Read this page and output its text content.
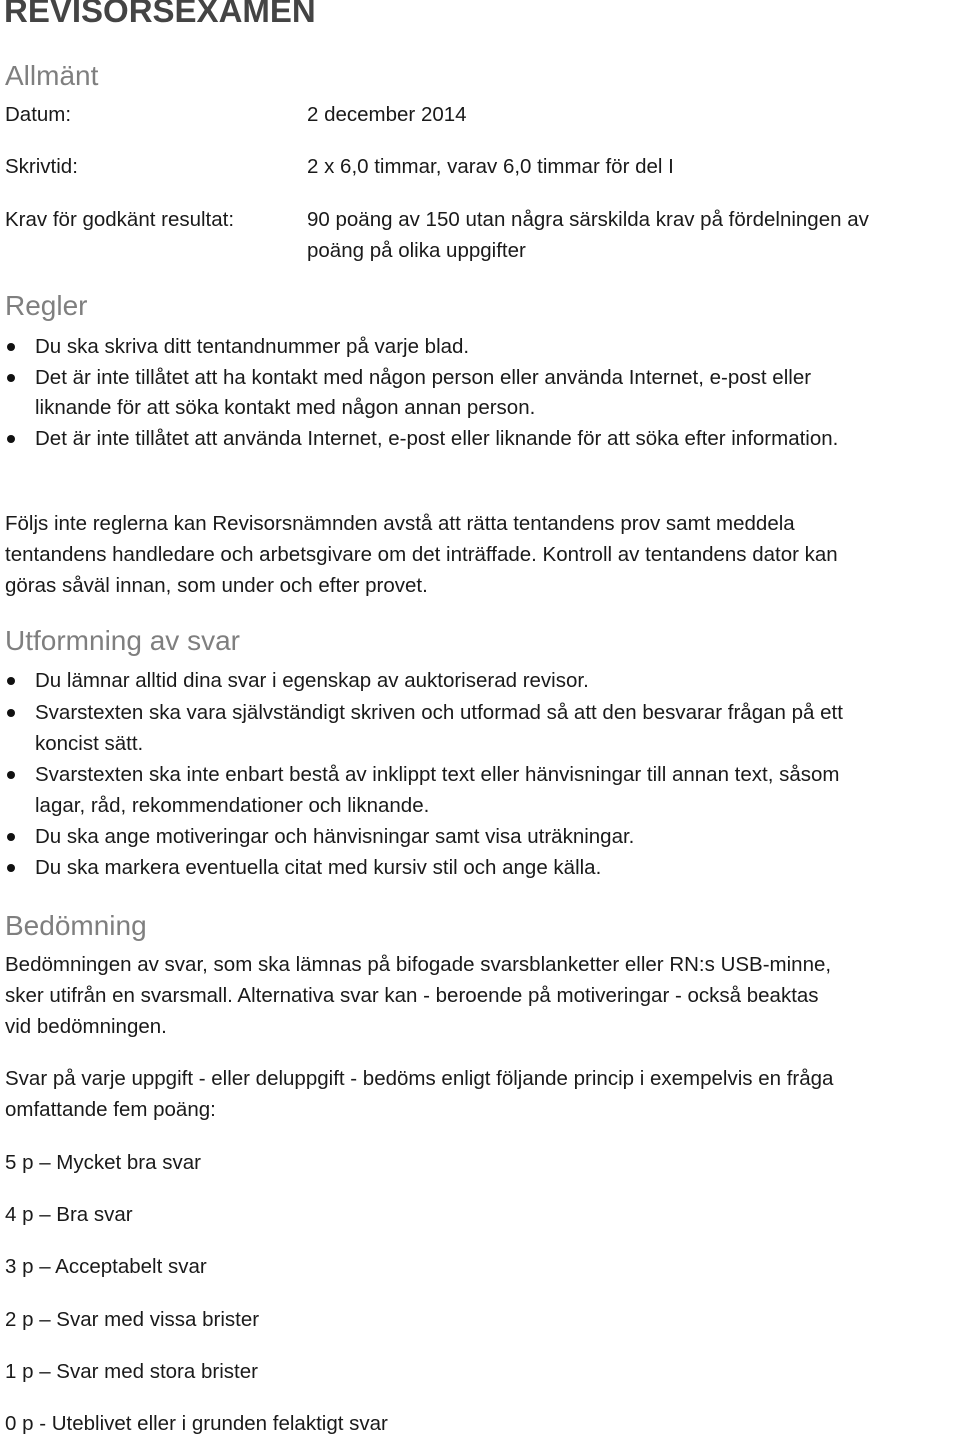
REVISORSEXAMEN
Allmänt
Datum:	2 december 2014
Skrivtid:	2 x 6,0 timmar, varav 6,0 timmar för del I
Krav för godkänt resultat:	90 poäng av 150 utan några särskilda krav på fördelningen av
poäng på olika uppgifter
Regler
Du ska skriva ditt tentandnummer på varje blad.
Det är inte tillåtet att ha kontakt med någon person eller använda Internet, e-post eller
liknande för att söka kontakt med någon annan person.
Det är inte tillåtet att använda Internet, e-post eller liknande för att söka efter information.
Följs inte reglerna kan Revisorsnämnden avstå att rätta tentandens prov samt meddela
tentandens handledare och arbetsgivare om det inträffade. Kontroll av tentandens dator kan
göras såväl innan, som under och efter provet.
Utformning av svar
Du lämnar alltid dina svar i egenskap av auktoriserad revisor.
Svarstexten ska vara självständigt skriven och utformad så att den besvarar frågan på ett
koncist sätt.
Svarstexten ska inte enbart bestå av inklippt text eller hänvisningar till annan text, såsom
lagar, råd, rekommendationer och liknande.
Du ska ange motiveringar och hänvisningar samt visa uträkningar.
Du ska markera eventuella citat med kursiv stil och ange källa.
Bedömning
Bedömningen av svar, som ska lämnas på bifogade svarsblanketter eller RN:s USB-minne,
sker utifrån en svarsmall. Alternativa svar kan - beroende på motiveringar - också beaktas
vid bedömningen.
Svar på varje uppgift - eller deluppgift - bedöms enligt följande princip i exempelvis en fråga
omfattande fem poäng:
5 p – Mycket bra svar
4 p – Bra svar
3 p – Acceptabelt svar
2 p – Svar med vissa brister
1 p – Svar med stora brister
0 p - Uteblivet eller i grunden felaktigt svar
